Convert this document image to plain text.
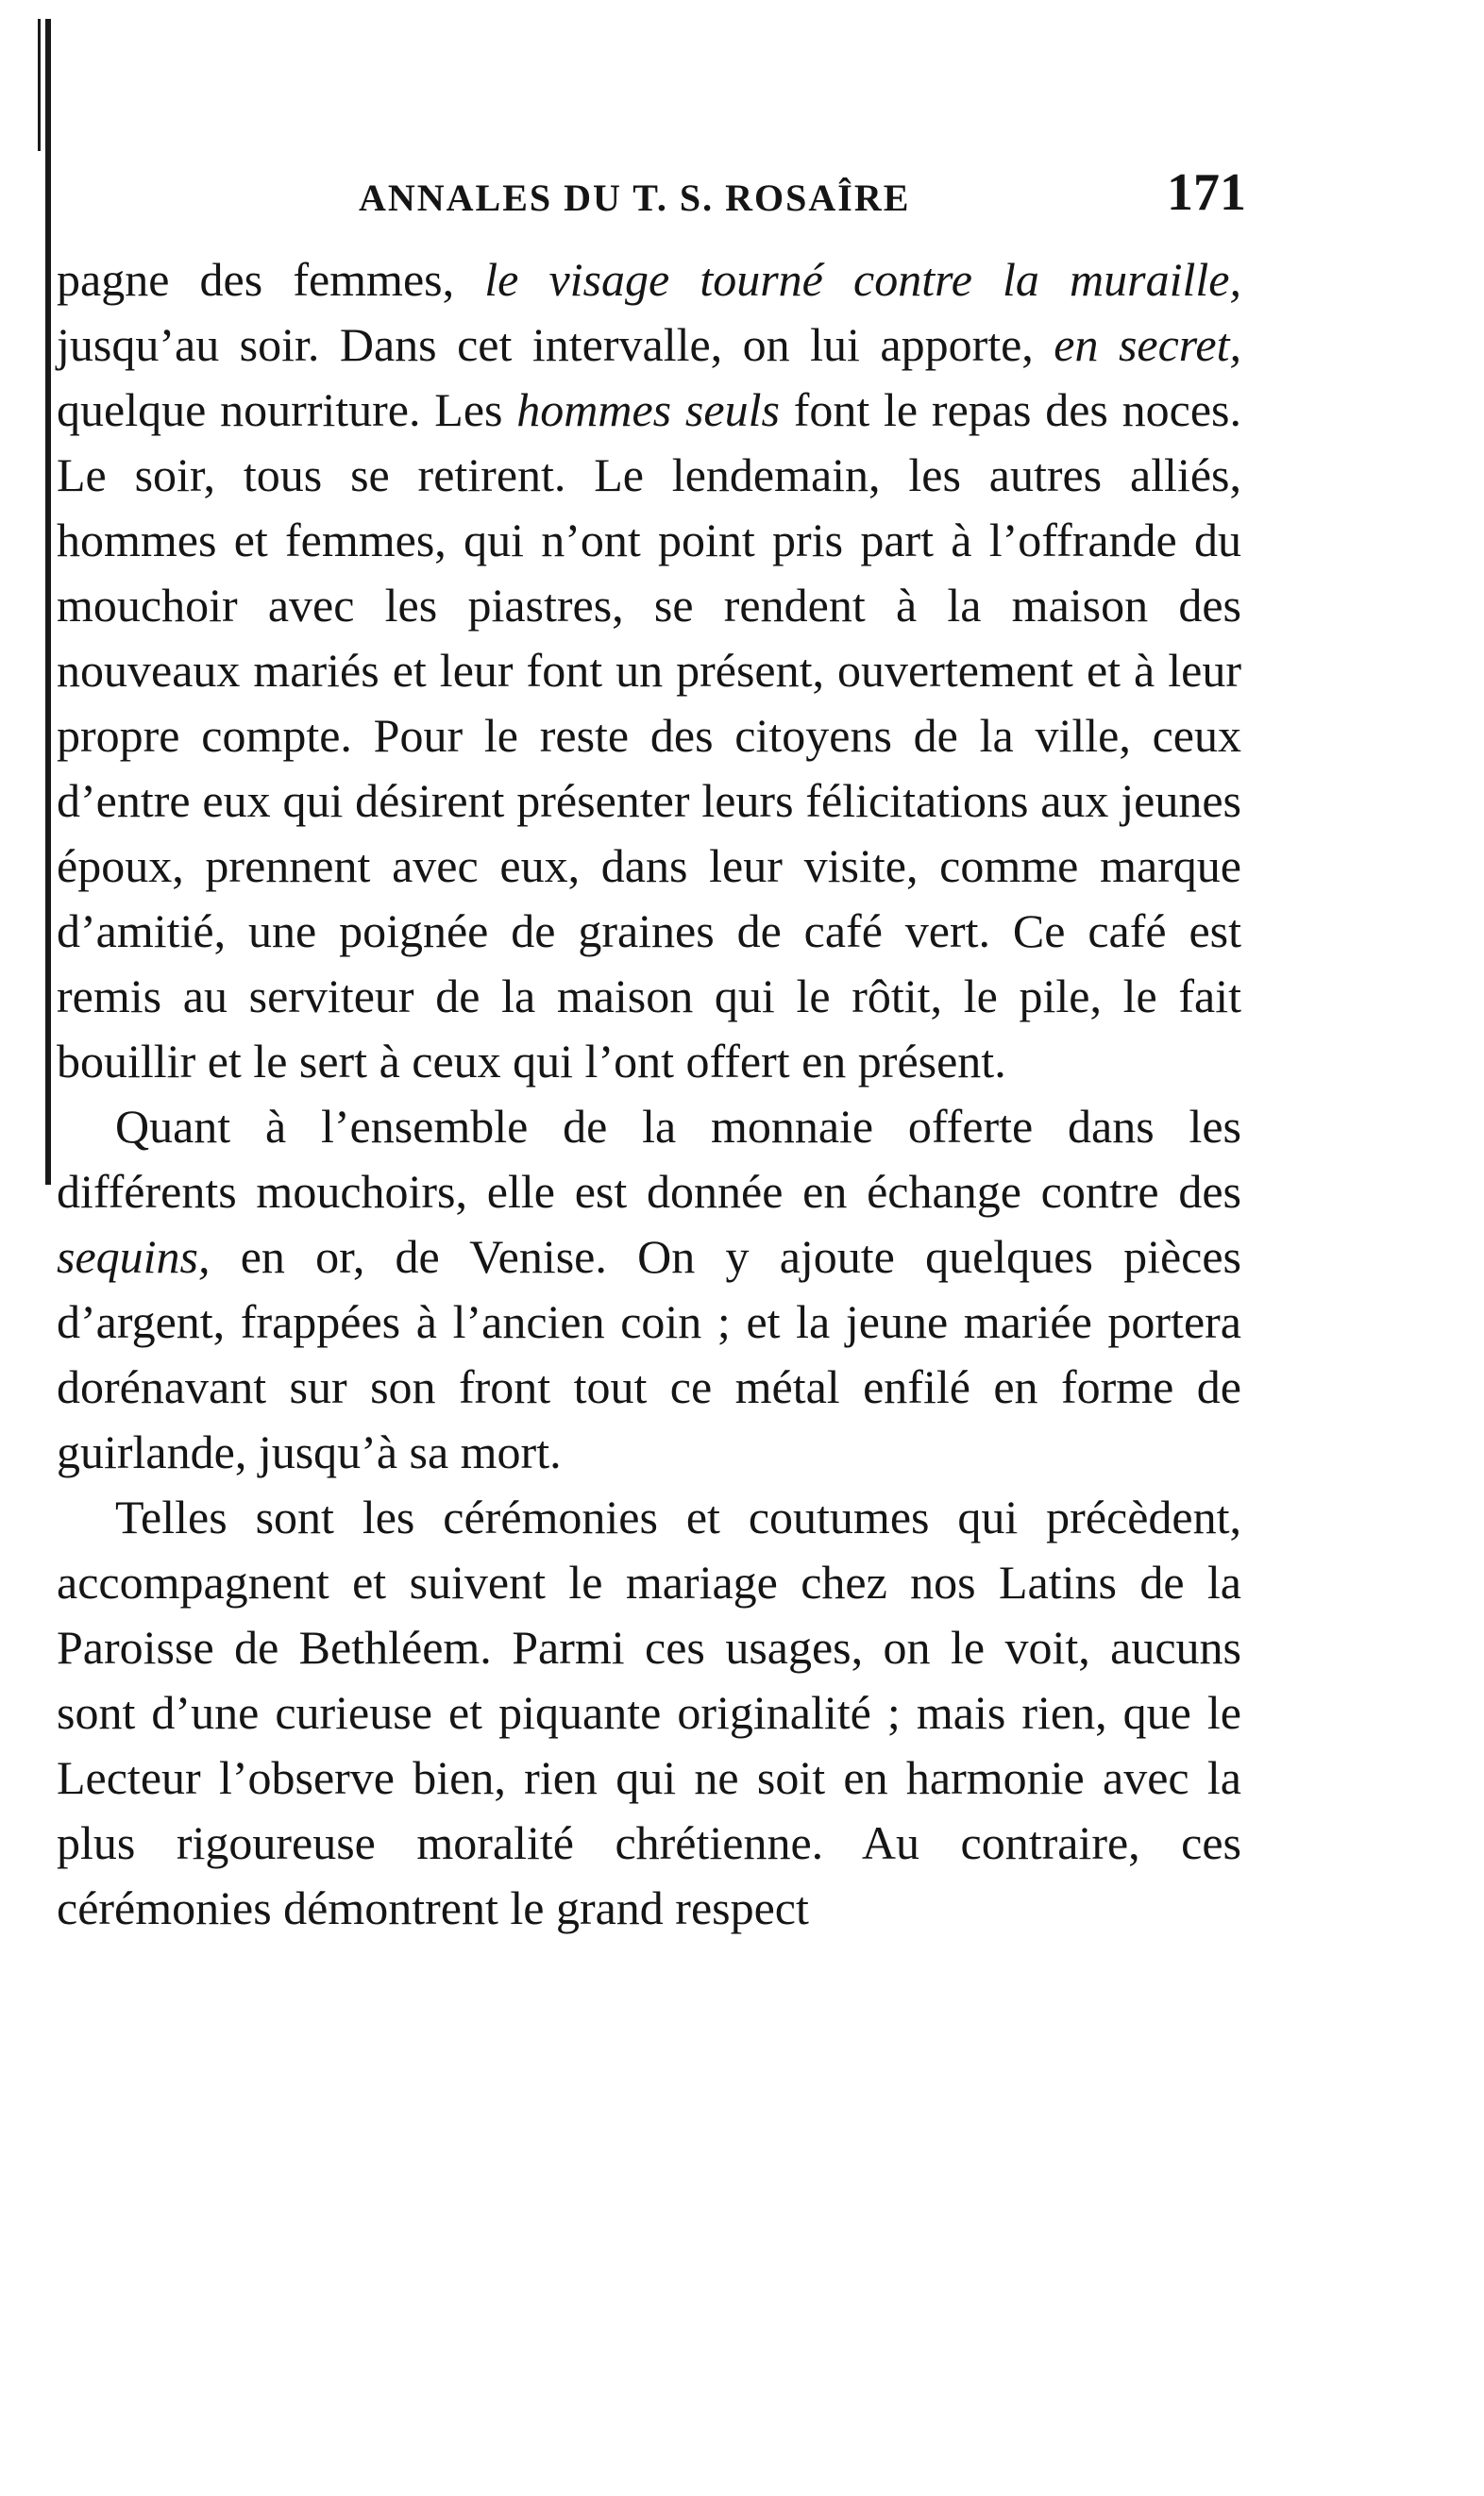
ANNALES DU T. S. ROSAÎRE	171

pagne des femmes, le visage tourné contre la muraille, jusqu’au soir. Dans cet intervalle, on lui apporte, en secret, quelque nourriture. Les hommes seuls font le repas des noces. Le soir, tous se retirent. Le lendemain, les autres alliés, hommes et femmes, qui n’ont point pris part à l’offrande du mouchoir avec les piastres, se rendent à la maison des nouveaux mariés et leur font un présent, ouvertement et à leur propre compte. Pour le reste des citoyens de la ville, ceux d’entre eux qui désirent présenter leurs félicitations aux jeunes époux, prennent avec eux, dans leur visite, comme marque d’amitié, une poignée de graines de café vert. Ce café est remis au serviteur de la maison qui le rôtit, le pile, le fait bouillir et le sert à ceux qui l’ont offert en présent.

Quant à l’ensemble de la monnaie offerte dans les différents mouchoirs, elle est donnée en échange contre des sequins, en or, de Venise. On y ajoute quelques pièces d’argent, frappées à l’ancien coin ; et la jeune mariée portera dorénavant sur son front tout ce métal enfilé en forme de guirlande, jusqu’à sa mort.

Telles sont les cérémonies et coutumes qui précèdent, accompagnent et suivent le mariage chez nos Latins de la Paroisse de Bethléem. Parmi ces usages, on le voit, aucuns sont d’une curieuse et piquante originalité ; mais rien, que le Lecteur l’observe bien, rien qui ne soit en harmonie avec la plus rigoureuse moralité chrétienne. Au contraire, ces cérémonies démontrent le grand respect
